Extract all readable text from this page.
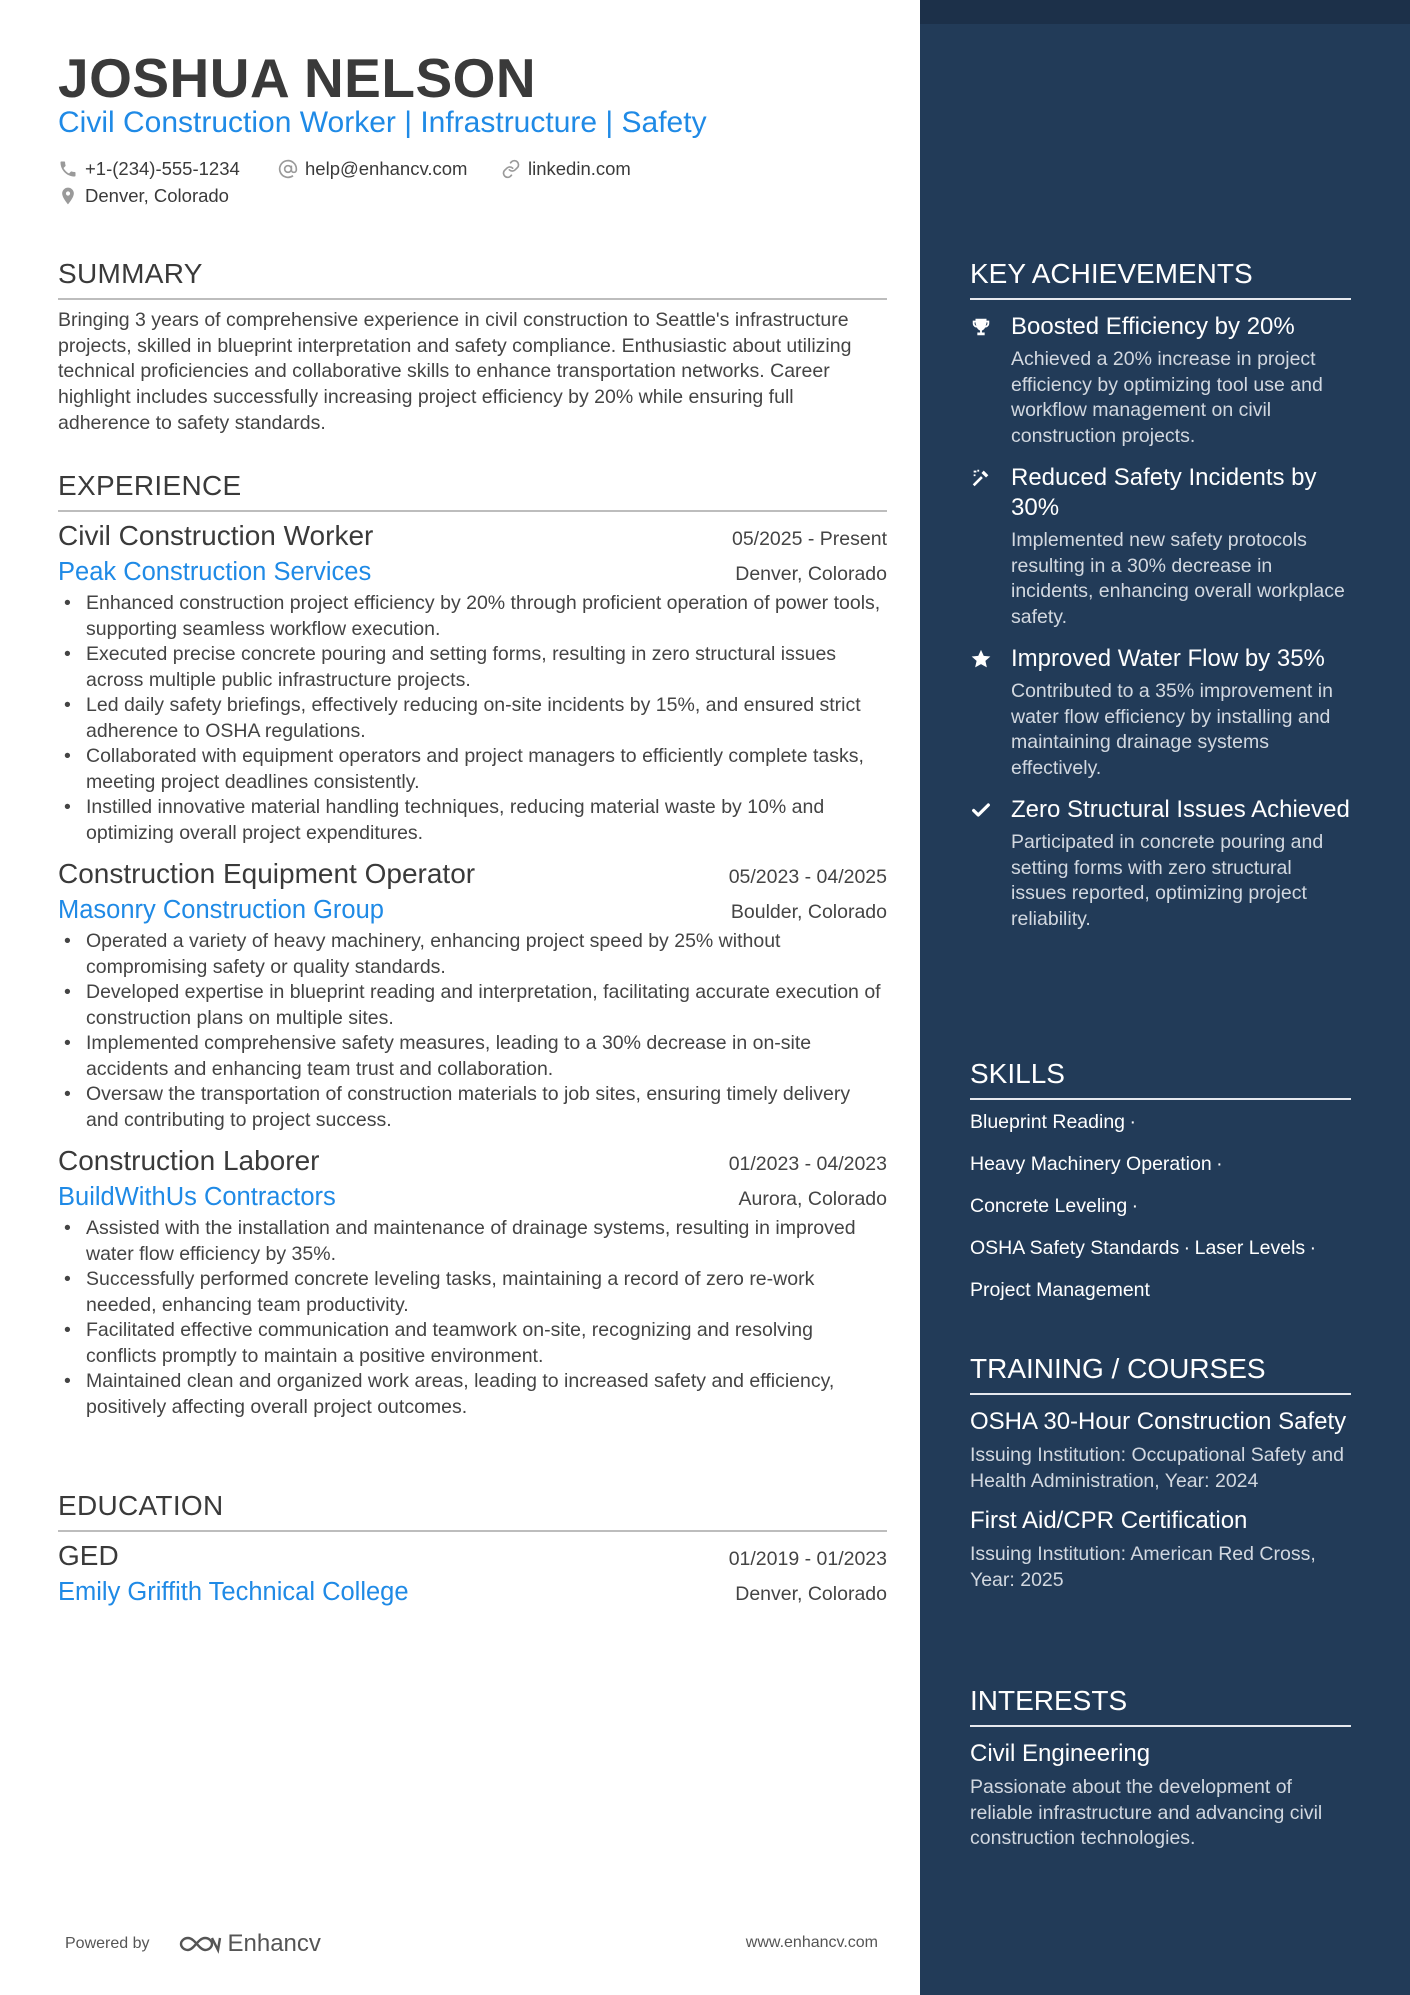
JOSHUA NELSON
Civil Construction Worker | Infrastructure | Safety
+1-(234)-555-1234	help@enhancv.com	linkedin.com
Denver, Colorado
SUMMARY
Bringing 3 years of comprehensive experience in civil construction to Seattle's infrastructure projects, skilled in blueprint interpretation and safety compliance. Enthusiastic about utilizing technical proficiencies and collaborative skills to enhance transportation networks. Career highlight includes successfully increasing project efficiency by 20% while ensuring full adherence to safety standards.
EXPERIENCE
Civil Construction Worker	05/2025 - Present
Peak Construction Services	Denver, Colorado
• Enhanced construction project efficiency by 20% through proficient operation of power tools, supporting seamless workflow execution.
• Executed precise concrete pouring and setting forms, resulting in zero structural issues across multiple public infrastructure projects.
• Led daily safety briefings, effectively reducing on-site incidents by 15%, and ensured strict adherence to OSHA regulations.
• Collaborated with equipment operators and project managers to efficiently complete tasks, meeting project deadlines consistently.
• Instilled innovative material handling techniques, reducing material waste by 10% and optimizing overall project expenditures.
Construction Equipment Operator	05/2023 - 04/2025
Masonry Construction Group	Boulder, Colorado
• Operated a variety of heavy machinery, enhancing project speed by 25% without compromising safety or quality standards.
• Developed expertise in blueprint reading and interpretation, facilitating accurate execution of construction plans on multiple sites.
• Implemented comprehensive safety measures, leading to a 30% decrease in on-site accidents and enhancing team trust and collaboration.
• Oversaw the transportation of construction materials to job sites, ensuring timely delivery and contributing to project success.
Construction Laborer	01/2023 - 04/2023
BuildWithUs Contractors	Aurora, Colorado
• Assisted with the installation and maintenance of drainage systems, resulting in improved water flow efficiency by 35%.
• Successfully performed concrete leveling tasks, maintaining a record of zero re-work needed, enhancing team productivity.
• Facilitated effective communication and teamwork on-site, recognizing and resolving conflicts promptly to maintain a positive environment.
• Maintained clean and organized work areas, leading to increased safety and efficiency, positively affecting overall project outcomes.
EDUCATION
GED	01/2019 - 01/2023
Emily Griffith Technical College	Denver, Colorado
Powered by	Enhancv	www.enhancv.com
KEY ACHIEVEMENTS
Boosted Efficiency by 20%
Achieved a 20% increase in project efficiency by optimizing tool use and workflow management on civil construction projects.
Reduced Safety Incidents by 30%
Implemented new safety protocols resulting in a 30% decrease in incidents, enhancing overall workplace safety.
Improved Water Flow by 35%
Contributed to a 35% improvement in water flow efficiency by installing and maintaining drainage systems effectively.
Zero Structural Issues Achieved
Participated in concrete pouring and setting forms with zero structural issues reported, optimizing project reliability.
SKILLS
Blueprint Reading ·
Heavy Machinery Operation ·
Concrete Leveling ·
OSHA Safety Standards · Laser Levels ·
Project Management
TRAINING / COURSES
OSHA 30-Hour Construction Safety
Issuing Institution: Occupational Safety and Health Administration, Year: 2024
First Aid/CPR Certification
Issuing Institution: American Red Cross, Year: 2025
INTERESTS
Civil Engineering
Passionate about the development of reliable infrastructure and advancing civil construction technologies.
